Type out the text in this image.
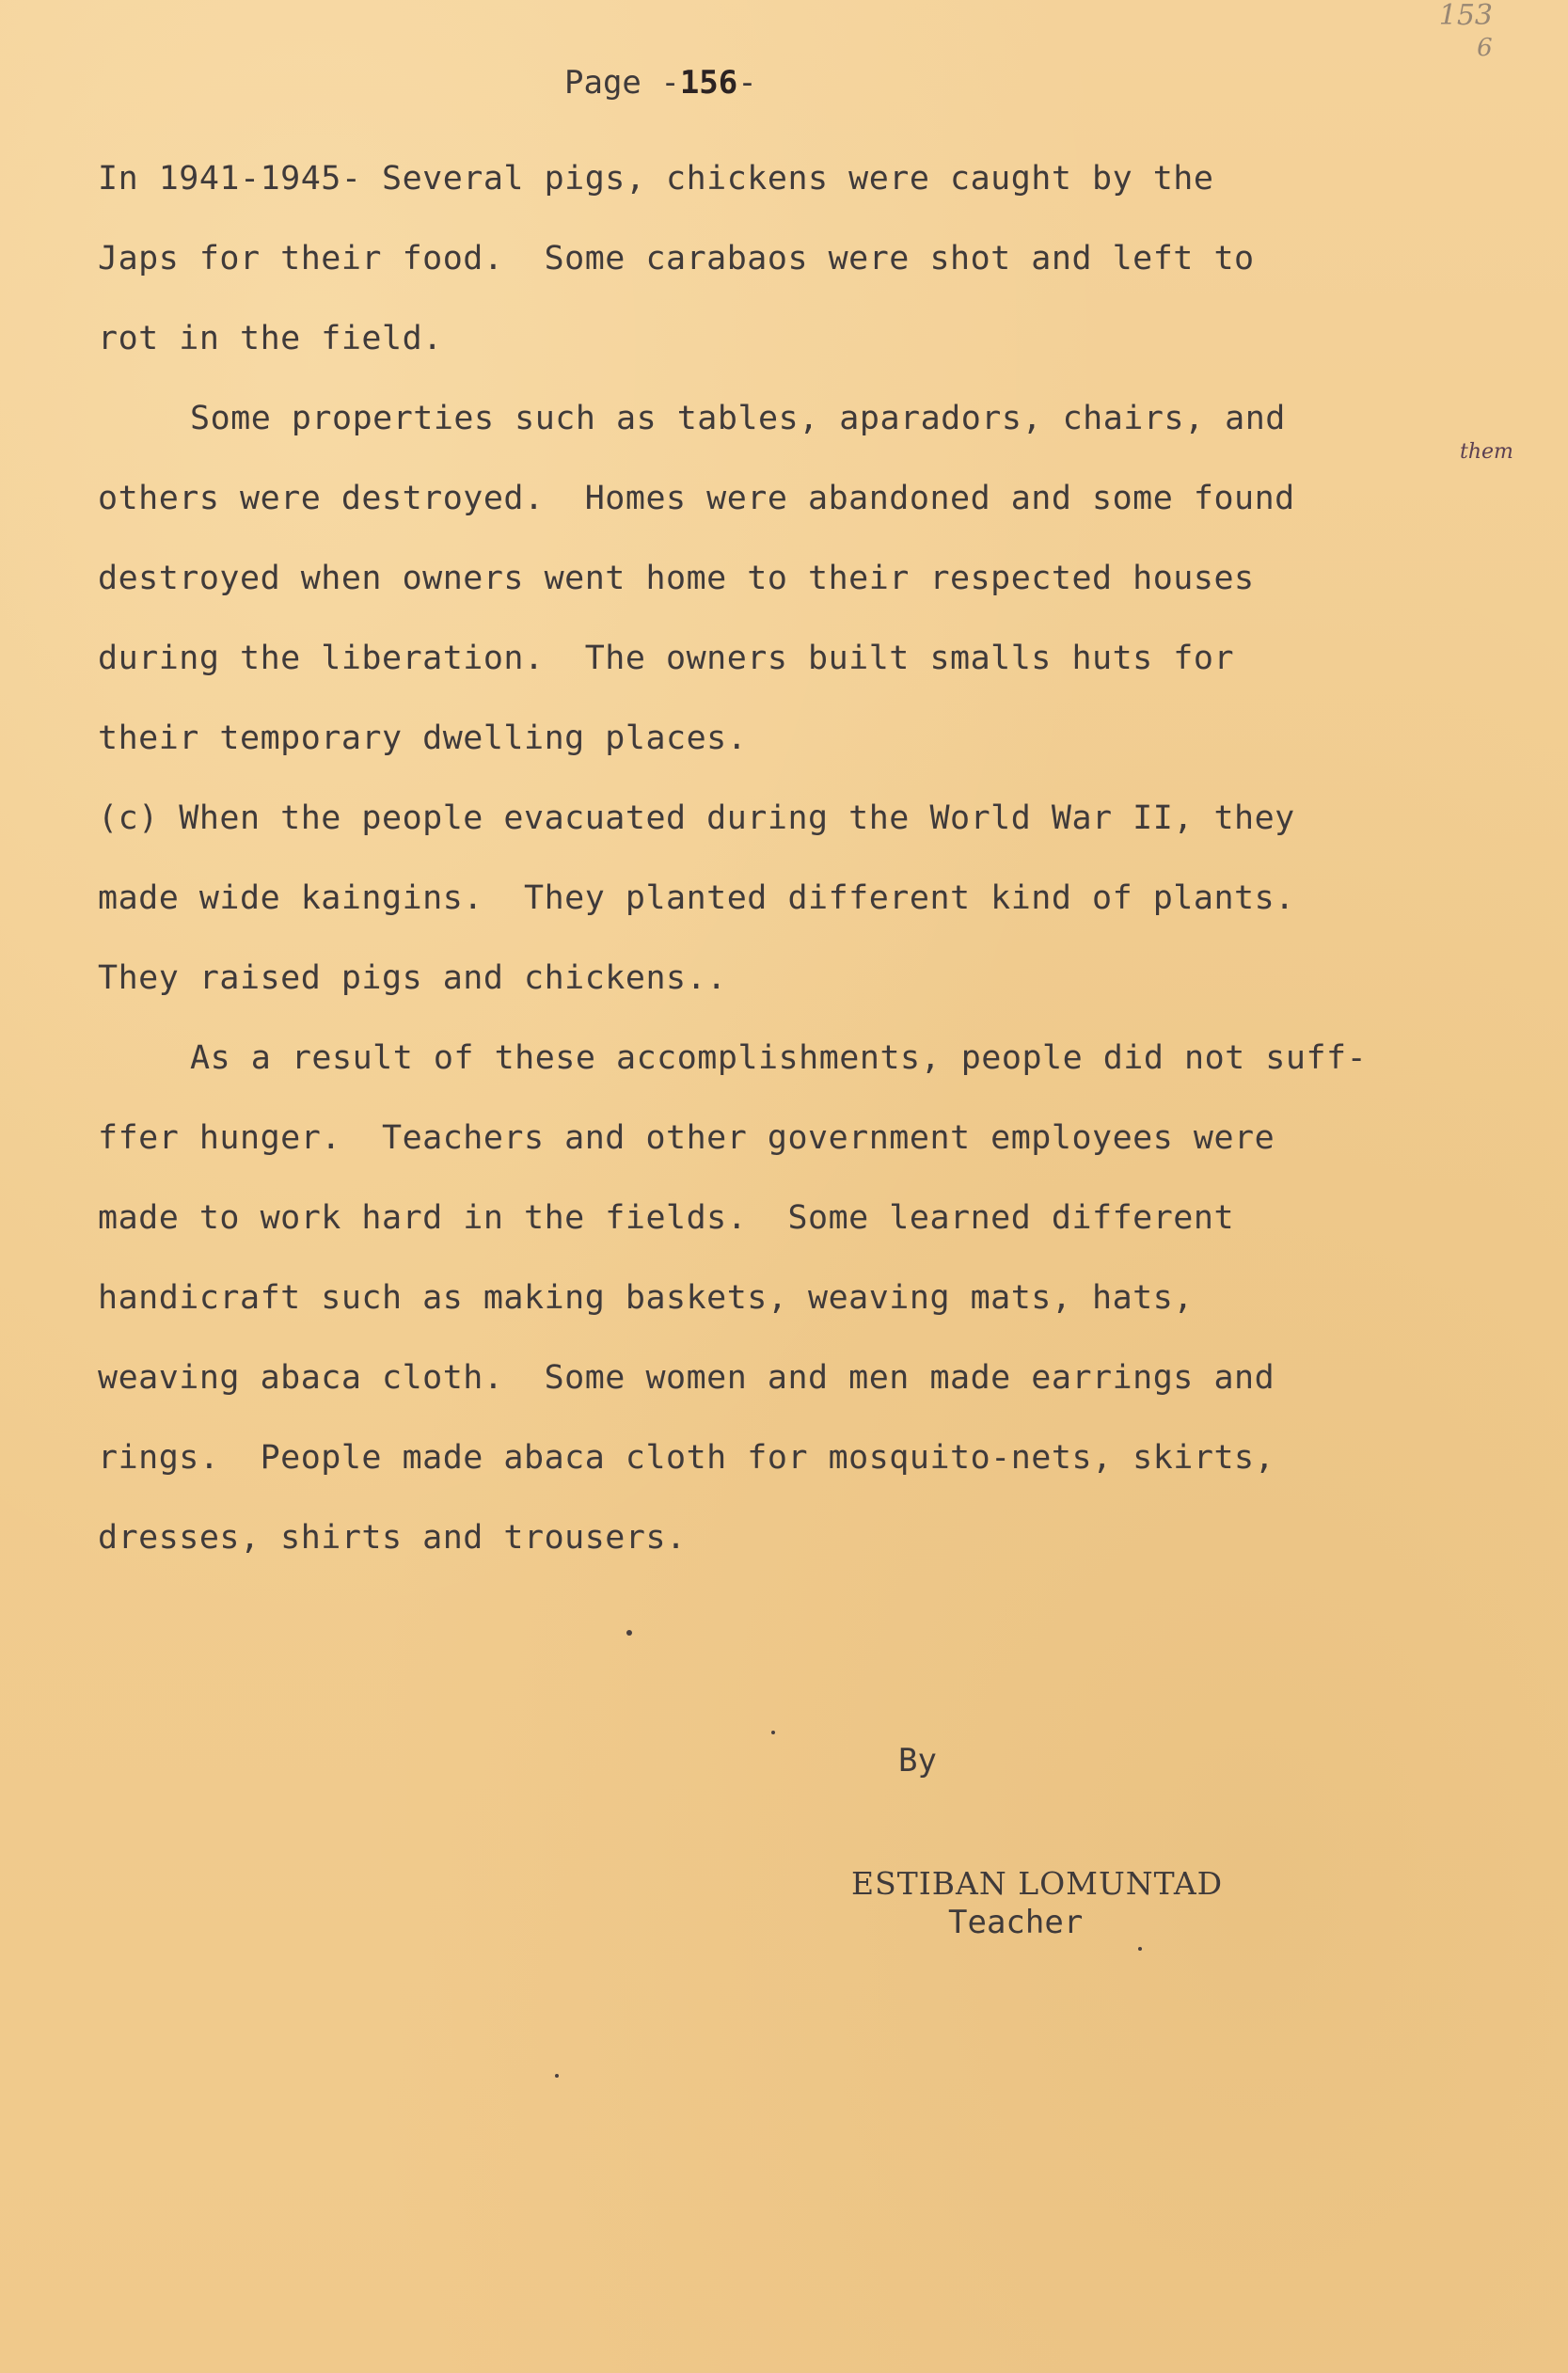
153
6
Page -156-
them
In 1941-1945- Several pigs, chickens were caught by the
Japs for their food.  Some carabaos were shot and left to
rot in the field.
Some properties such as tables, aparadors, chairs, and
others were destroyed.  Homes were abandoned and some found
destroyed when owners went home to their respected houses
during the liberation.  The owners built smalls huts for
their temporary dwelling places.
(c) When the people evacuated during the World War II, they
made wide kaingins.  They planted different kind of plants.
They raised pigs and chickens..
As a result of these accomplishments, people did not suff-
ffer hunger.  Teachers and other government employees were
made to work hard in the fields.  Some learned different
handicraft such as making baskets, weaving mats, hats,
weaving abaca cloth.  Some women and men made earrings and
rings.  People made abaca cloth for mosquito-nets, skirts,
dresses, shirts and trousers.
By
ESTIBAN LOMUNTAD
Teacher
